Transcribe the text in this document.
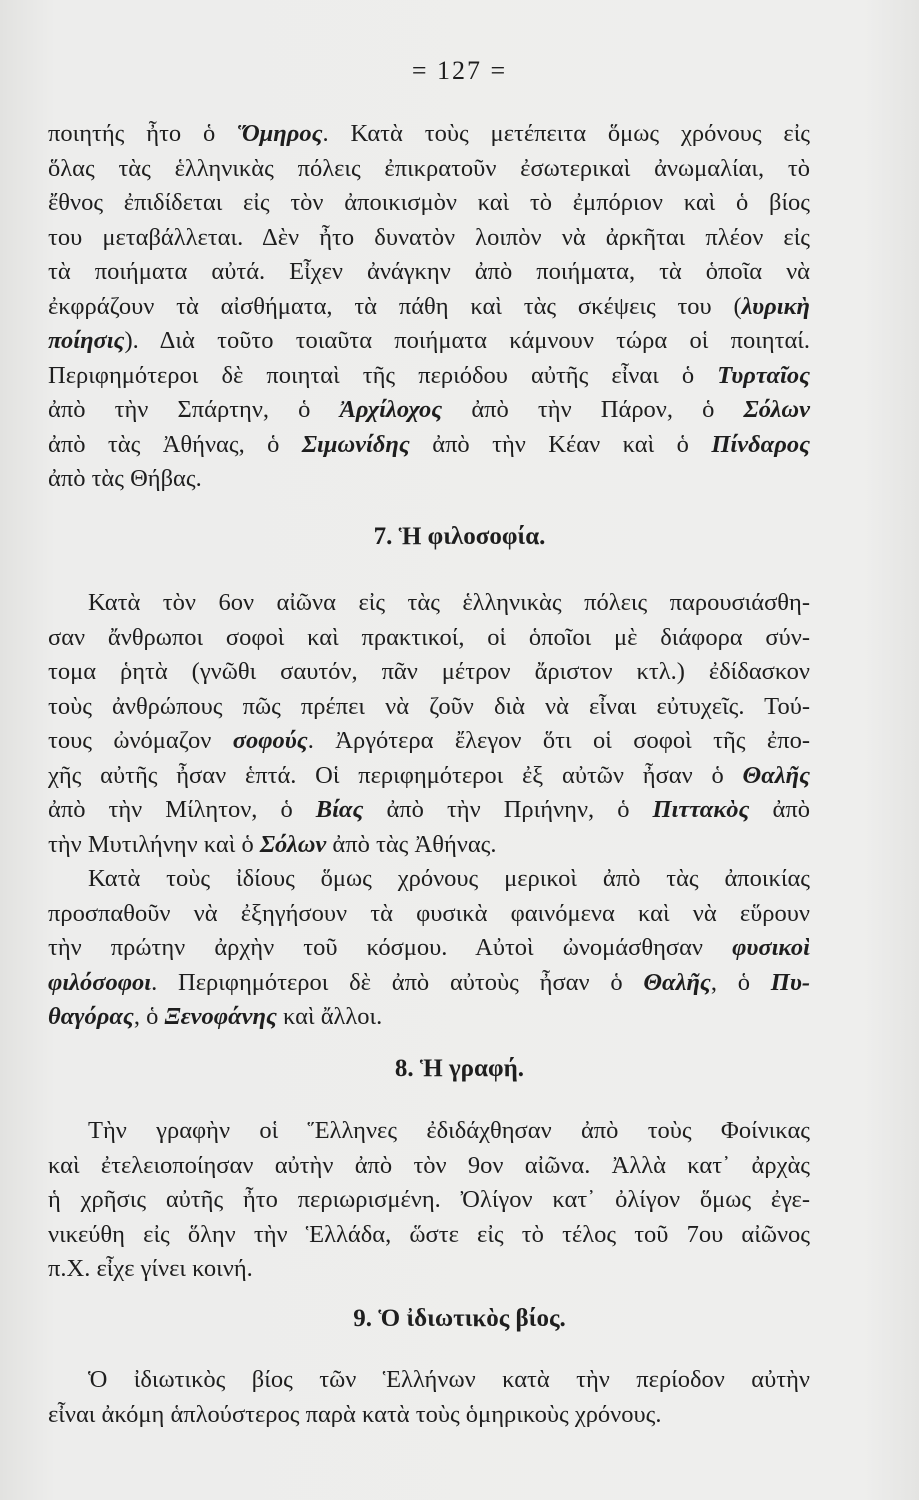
= 127 =
ποιητής ἦτο ὁ Ὅμηρος. Κατὰ τοὺς μετέπειτα ὅμως χρόνους εἰς
ὅλας τὰς ἑλληνικὰς πόλεις ἐπικρατοῦν ἐσωτερικαὶ ἀνωμαλίαι, τὸ
ἔθνος ἐπιδίδεται εἰς τὸν ἀποικισμὸν καὶ τὸ ἐμπόριον καὶ ὁ βίος
του μεταβάλλεται. Δὲν ἦτο δυνατὸν λοιπὸν νὰ ἀρκῆται πλέον εἰς
τὰ ποιήματα αὐτά. Εἶχεν ἀνάγκην ἀπὸ ποιήματα, τὰ ὁποῖα νὰ
ἐκφράζουν τὰ αἰσθήματα, τὰ πάθη καὶ τὰς σκέψεις του (λυρικὴ
ποίησις). Διὰ τοῦτο τοιαῦτα ποιήματα κάμνουν τώρα οἱ ποιηταί.
Περιφημότεροι δὲ ποιηταὶ τῆς περιόδου αὐτῆς εἶναι ὁ Τυρταῖος
ἀπὸ τὴν Σπάρτην, ὁ Ἀρχίλοχος ἀπὸ τὴν Πάρον, ὁ Σόλων
ἀπὸ τὰς Ἀθήνας, ὁ Σιμωνίδης ἀπὸ τὴν Κέαν καὶ ὁ Πίνδαρος
ἀπὸ τὰς Θήβας.
7. Ἡ φιλοσοφία.
Κατὰ τὸν 6ον αἰῶνα εἰς τὰς ἑλληνικὰς πόλεις παρουσιάσθη-
σαν ἄνθρωποι σοφοὶ καὶ πρακτικοί, οἱ ὁποῖοι μὲ διάφορα σύν-
τομα ῥητὰ (γνῶθι σαυτόν, πᾶν μέτρον ἄριστον κτλ.) ἐδίδασκον
τοὺς ἀνθρώπους πῶς πρέπει νὰ ζοῦν διὰ νὰ εἶναι εὐτυχεῖς. Τού-
τους ὠνόμαζον σοφούς. Ἀργότερα ἔλεγον ὅτι οἱ σοφοὶ τῆς ἐπο-
χῆς αὐτῆς ἦσαν ἑπτά. Οἱ περιφημότεροι ἐξ αὐτῶν ἦσαν ὁ Θαλῆς
ἀπὸ τὴν Μίλητον, ὁ Βίας ἀπὸ τὴν Πριήνην, ὁ Πιττακὸς ἀπὸ
τὴν Μυτιλήνην καὶ ὁ Σόλων ἀπὸ τὰς Ἀθήνας.
Κατὰ τοὺς ἰδίους ὅμως χρόνους μερικοὶ ἀπὸ τὰς ἀποικίας
προσπαθοῦν νὰ ἐξηγήσουν τὰ φυσικὰ φαινόμενα καὶ νὰ εὕρουν
τὴν πρώτην ἀρχὴν τοῦ κόσμου. Αὐτοὶ ὠνομάσθησαν φυσικοὶ
φιλόσοφοι. Περιφημότεροι δὲ ἀπὸ αὐτοὺς ἦσαν ὁ Θαλῆς, ὁ Πυ-
θαγόρας, ὁ Ξενοφάνης καὶ ἄλλοι.
8. Ἡ γραφή.
Τὴν γραφὴν οἱ Ἕλληνες ἐδιδάχθησαν ἀπὸ τοὺς Φοίνικας
καὶ ἐτελειοποίησαν αὐτὴν ἀπὸ τὸν 9ον αἰῶνα. Ἀλλὰ κατ᾽ ἀρχὰς
ἡ χρῆσις αὐτῆς ἦτο περιωρισμένη. Ὀλίγον κατ᾽ ὀλίγον ὅμως ἐγε-
νικεύθη εἰς ὅλην τὴν Ἑλλάδα, ὥστε εἰς τὸ τέλος τοῦ 7ου αἰῶνος
π.Χ. εἶχε γίνει κοινή.
9. Ὁ ἰδιωτικὸς βίος.
Ὁ ἰδιωτικὸς βίος τῶν Ἑλλήνων κατὰ τὴν περίοδον αὐτὴν
εἶναι ἀκόμη ἁπλούστερος παρὰ κατὰ τοὺς ὁμηρικοὺς χρόνους.
